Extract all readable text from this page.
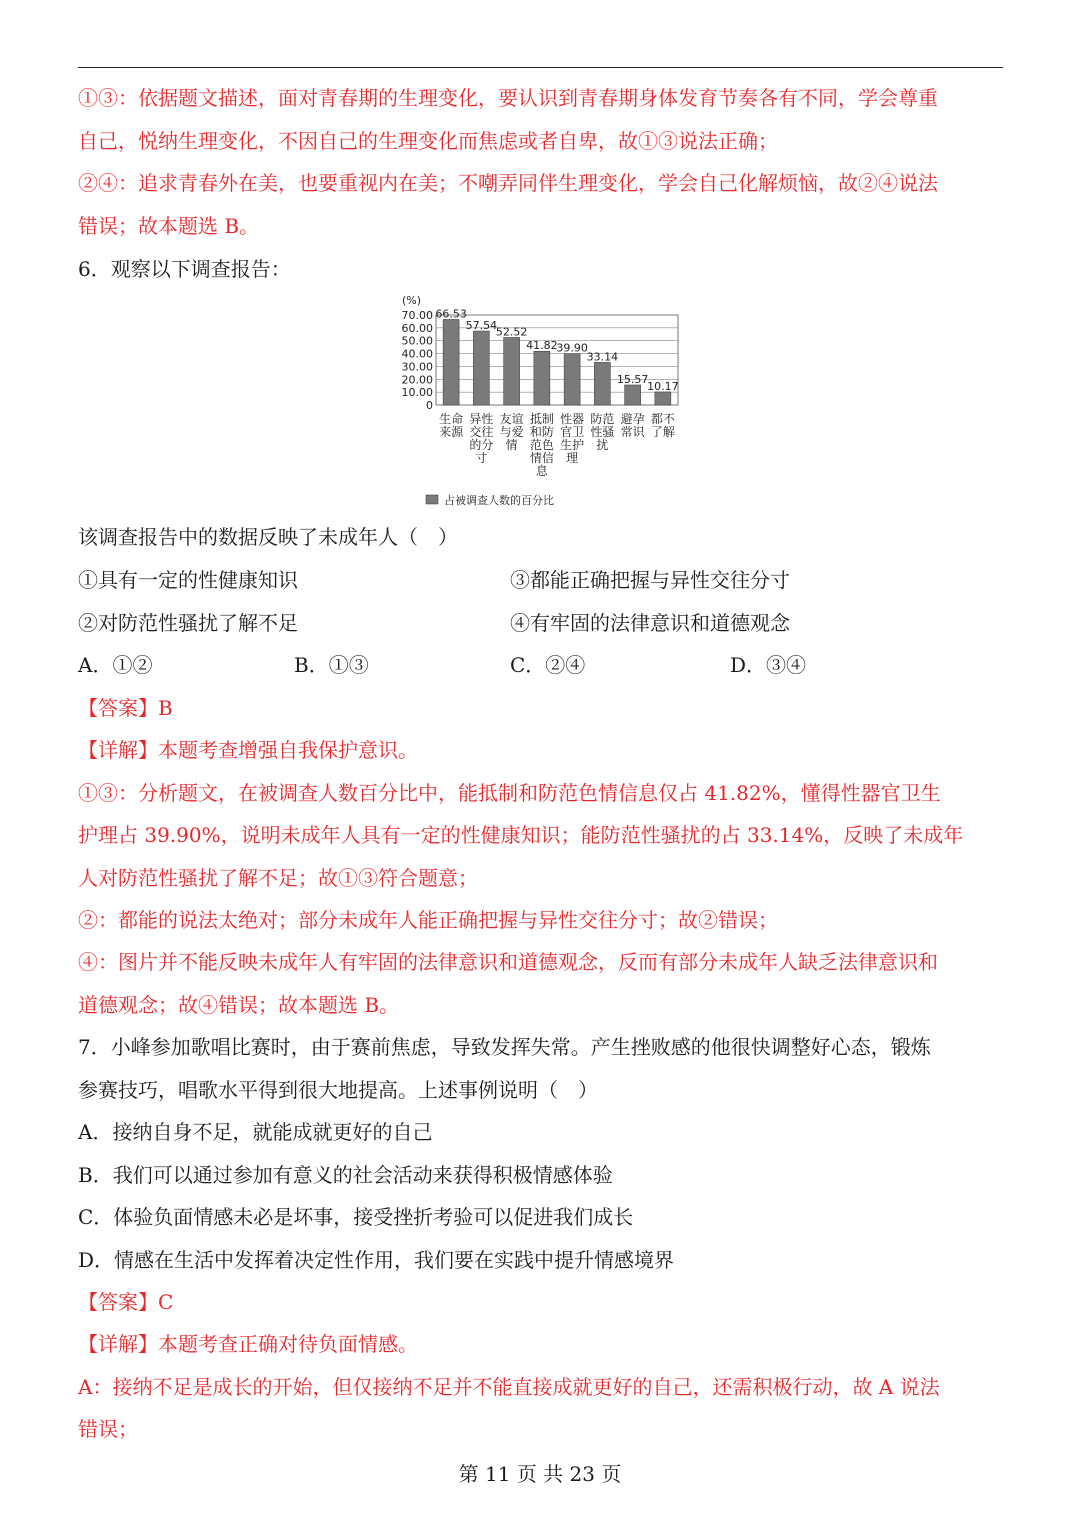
①③：依据题文描述，面对青春期的生理变化，要认识到青春期身体发育节奏各有不同，学会尊重
自己，悦纳生理变化，不因自己的生理变化而焦虑或者自卑，故①③说法正确；
②④：追求青春外在美，也要重视内在美；不嘲弄同伴生理变化，学会自己化解烦恼，故②④说法
错误；故本题选 B。
6．观察以下调查报告：
(%)
70.00
60.00
50.00
40.00
30.00
20.00
10.00
0
66.53
57.54
52.52
41.82
39.90
33.14
15.57
10.17
生命
来源
异性
交往
的分
寸
友谊
与爱
情
抵制
和防
范色
情信
息
性器
官卫
生护
理
防范
性骚
扰
避孕
常识
都不
了解
占被调查人数的百分比
该调查报告中的数据反映了未成年人（　）
①具有一定的性健康知识	③都能正确把握与异性交往分寸
②对防范性骚扰了解不足	④有牢固的法律意识和道德观念
A．①②	B．①③	C．②④	D．③④
【答案】B
【详解】本题考查增强自我保护意识。
①③：分析题文，在被调查人数百分比中，能抵制和防范色情信息仅占 41.82%，懂得性器官卫生
护理占 39.90%，说明未成年人具有一定的性健康知识；能防范性骚扰的占 33.14%，反映了未成年
人对防范性骚扰了解不足；故①③符合题意；
②：都能的说法太绝对；部分未成年人能正确把握与异性交往分寸；故②错误；
④：图片并不能反映未成年人有牢固的法律意识和道德观念，反而有部分未成年人缺乏法律意识和
道德观念；故④错误；故本题选 B。
7．小峰参加歌唱比赛时，由于赛前焦虑，导致发挥失常。产生挫败感的他很快调整好心态，锻炼
参赛技巧，唱歌水平得到很大地提高。上述事例说明（　）
A．接纳自身不足，就能成就更好的自己
B．我们可以通过参加有意义的社会活动来获得积极情感体验
C．体验负面情感未必是坏事，接受挫折考验可以促进我们成长
D．情感在生活中发挥着决定性作用，我们要在实践中提升情感境界
【答案】C
【详解】本题考查正确对待负面情感。
A：接纳不足是成长的开始，但仅接纳不足并不能直接成就更好的自己，还需积极行动，故 A 说法
错误；
第 11 页 共 23 页
